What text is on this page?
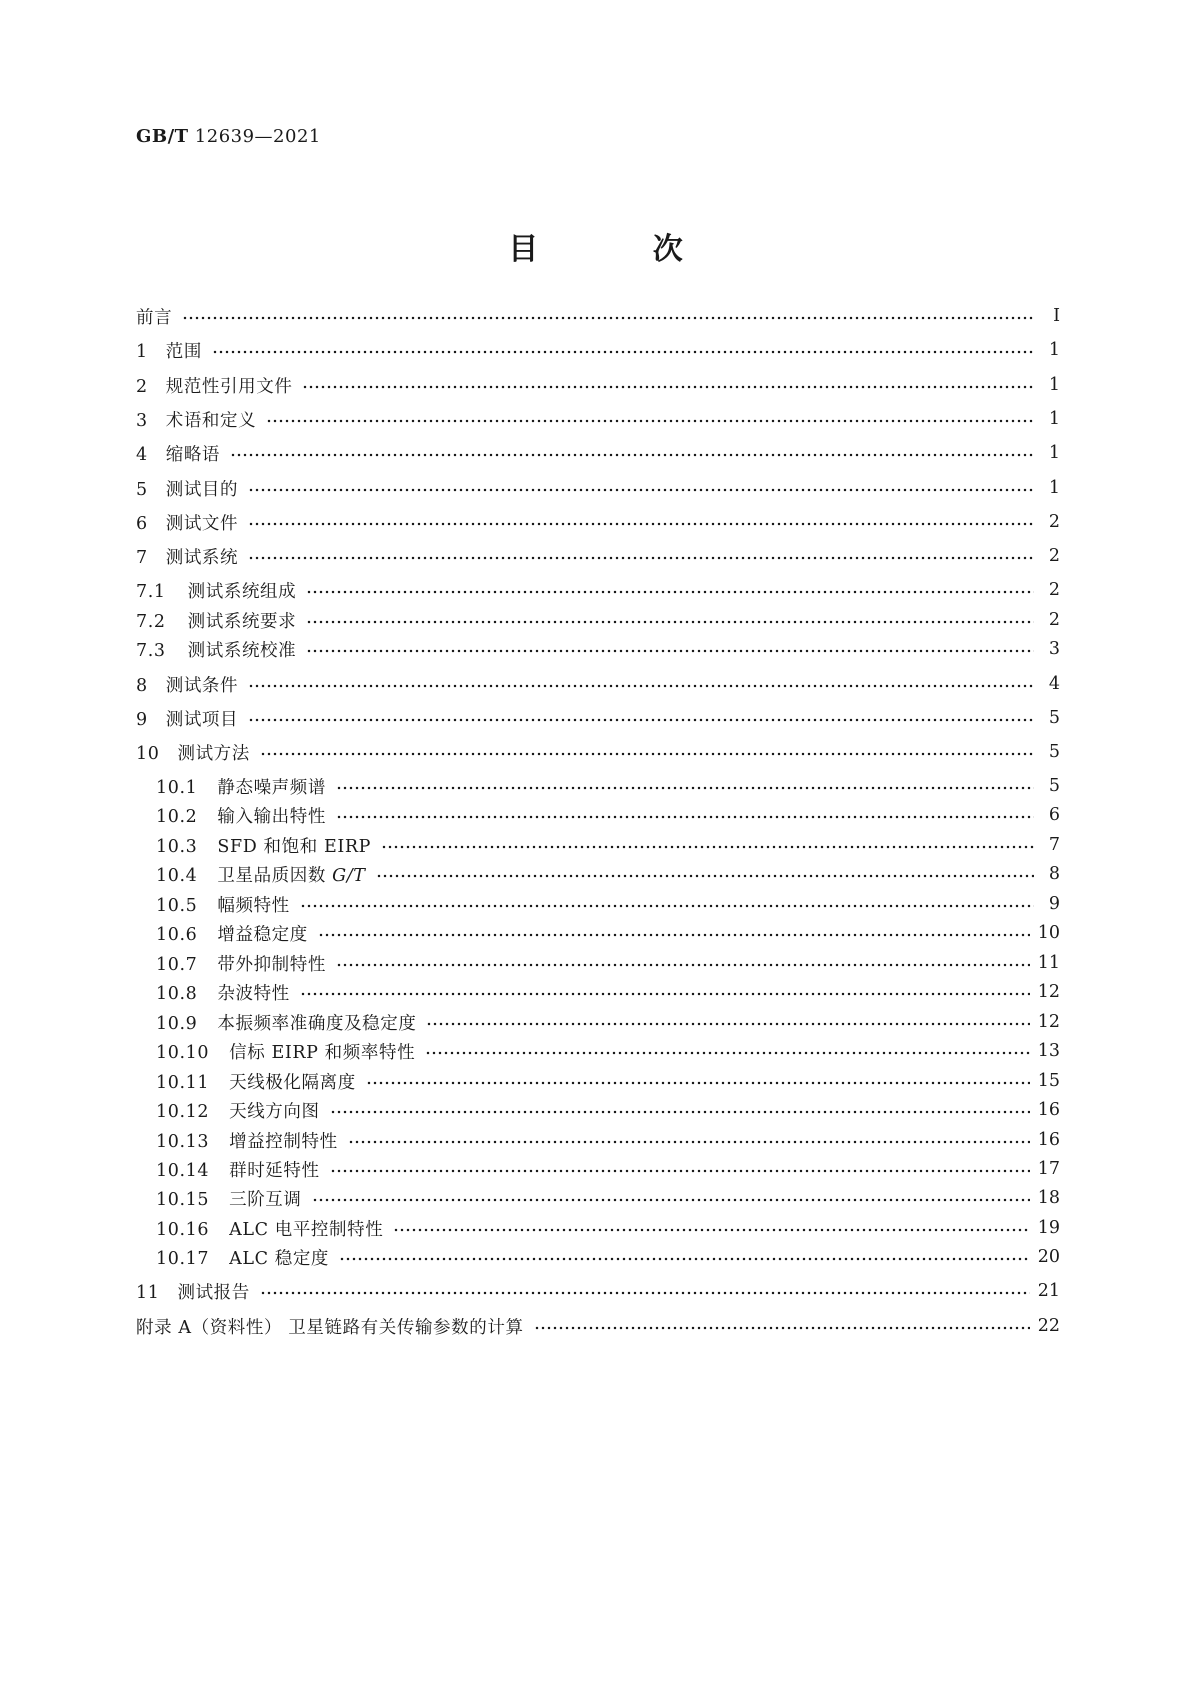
GB/T 12639—2021
目 次
前言	Ⅰ
1 范围	1
2 规范性引用文件	1
3 术语和定义	1
4 缩略语	1
5 测试目的	1
6 测试文件	2
7 测试系统	2
7.1 测试系统组成	2
7.2 测试系统要求	2
7.3 测试系统校准	3
8 测试条件	4
9 测试项目	5
10 测试方法	5
10.1 静态噪声频谱	5
10.2 输入输出特性	6
10.3 SFD 和饱和 EIRP	7
10.4 卫星品质因数 G/T	8
10.5 幅频特性	9
10.6 增益稳定度	10
10.7 带外抑制特性	11
10.8 杂波特性	12
10.9 本振频率准确度及稳定度	12
10.10 信标 EIRP 和频率特性	13
10.11 天线极化隔离度	15
10.12 天线方向图	16
10.13 增益控制特性	16
10.14 群时延特性	17
10.15 三阶互调	18
10.16 ALC 电平控制特性	19
10.17 ALC 稳定度	20
11 测试报告	21
附录 A（资料性） 卫星链路有关传输参数的计算	22
